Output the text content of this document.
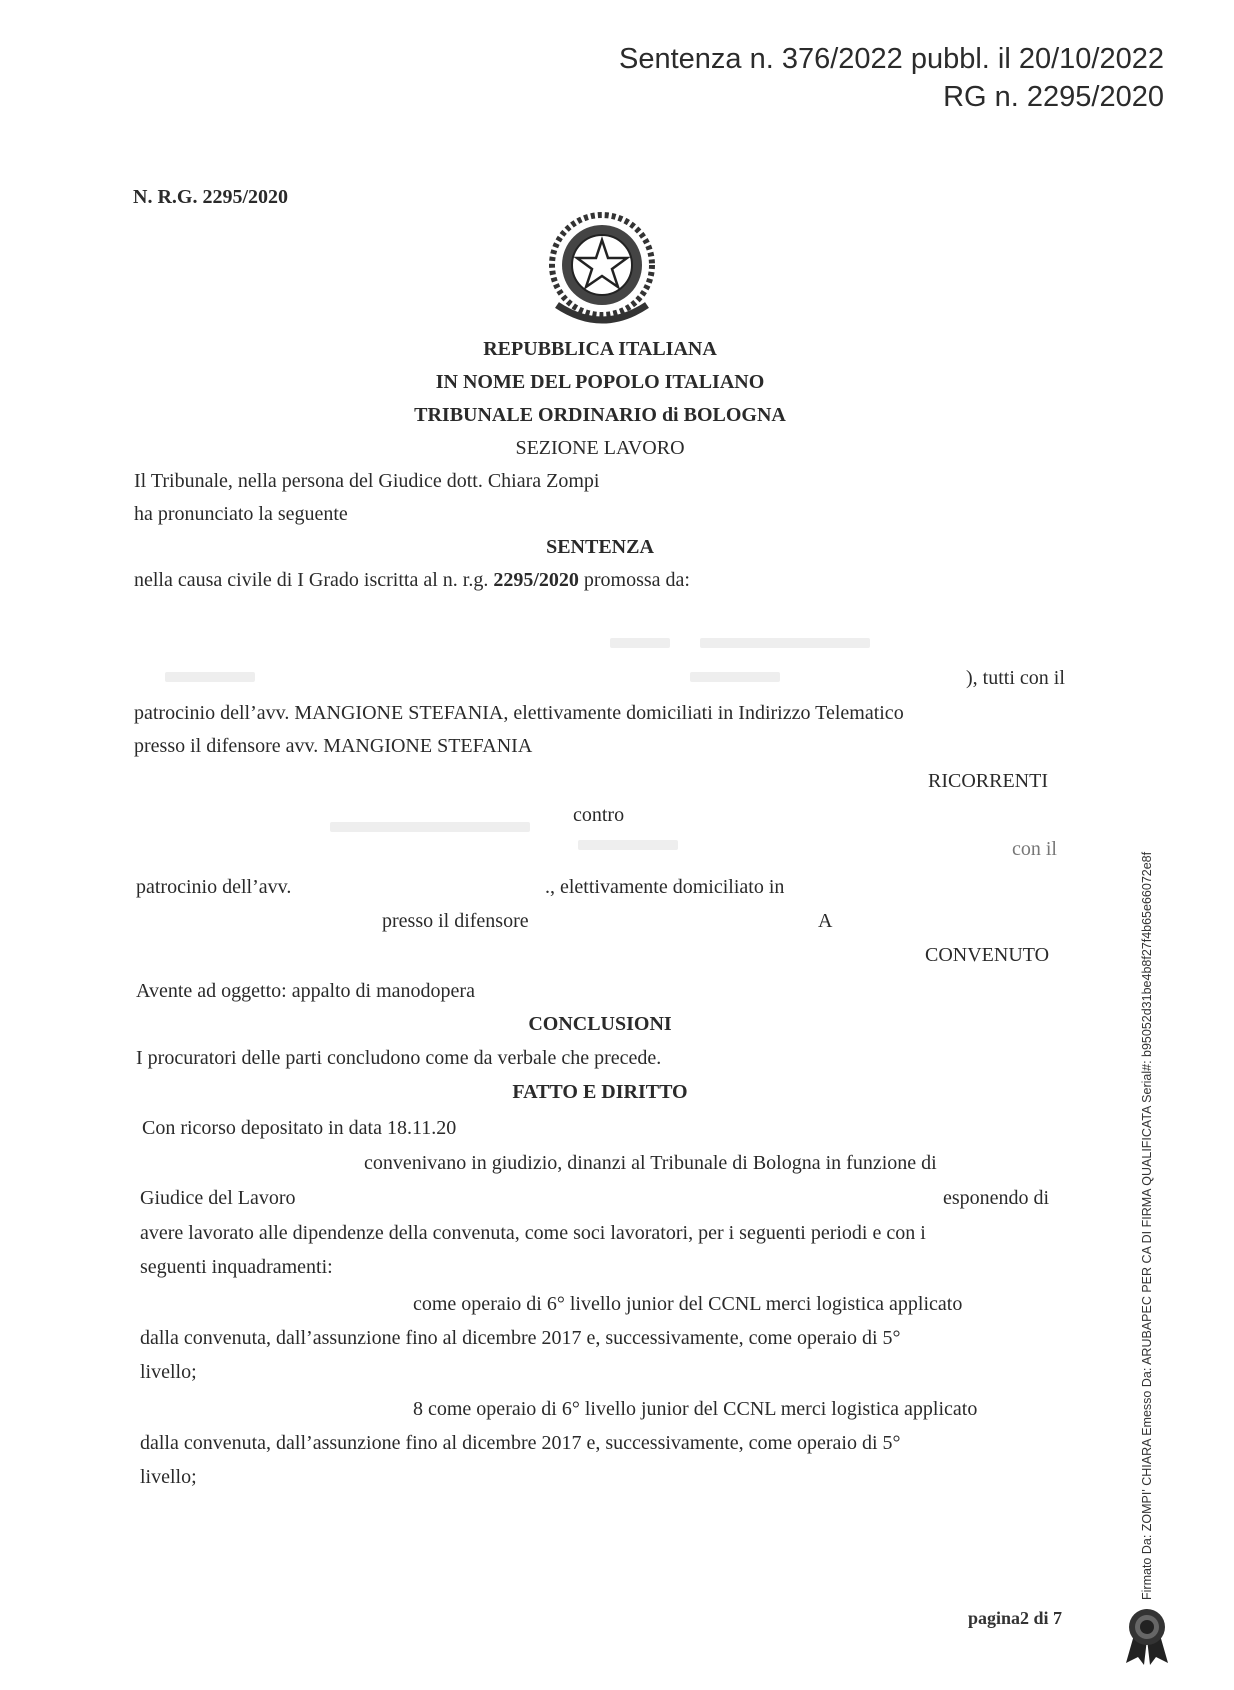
Sentenza n. 376/2022 pubbl. il 20/10/2022
RG n. 2295/2020
N. R.G. 2295/2020
REPUBBLICA ITALIANA
IN NOME DEL POPOLO ITALIANO
TRIBUNALE ORDINARIO di BOLOGNA
SEZIONE LAVORO
Il Tribunale, nella persona del Giudice dott. Chiara Zompi
ha pronunciato la seguente
SENTENZA
nella causa civile di I Grado iscritta al n. r.g. 2295/2020 promossa da:
), tutti con il
patrocinio dell’avv. MANGIONE STEFANIA, elettivamente domiciliati in Indirizzo Telematico
presso il difensore avv. MANGIONE STEFANIA
RICORRENTI
contro
con il
patrocinio dell’avv.	., elettivamente domiciliato in
presso il difensore	A
CONVENUTO
Avente ad oggetto: appalto di manodopera
CONCLUSIONI
I procuratori delle parti concludono come da verbale che precede.
FATTO E DIRITTO
Con ricorso depositato in data 18.11.20
convenivano in giudizio, dinanzi al Tribunale di Bologna in funzione di
Giudice del Lavoro	esponendo di
avere lavorato alle dipendenze della convenuta, come soci lavoratori, per i seguenti periodi e con i
seguenti inquadramenti:
come operaio di 6° livello junior del CCNL merci logistica applicato
dalla convenuta, dall’assunzione fino al dicembre 2017 e, successivamente, come operaio di 5°
livello;
8 come operaio di 6° livello junior del CCNL merci logistica applicato
dalla convenuta, dall’assunzione fino al dicembre 2017 e, successivamente, come operaio di 5°
livello;
pagina2 di 7
Firmato Da: ZOMPI' CHIARA Emesso Da: ARUBAPEC PER CA DI FIRMA QUALIFICATA Serial#: b95052d31be4b8f27f4b65e66072e8f
